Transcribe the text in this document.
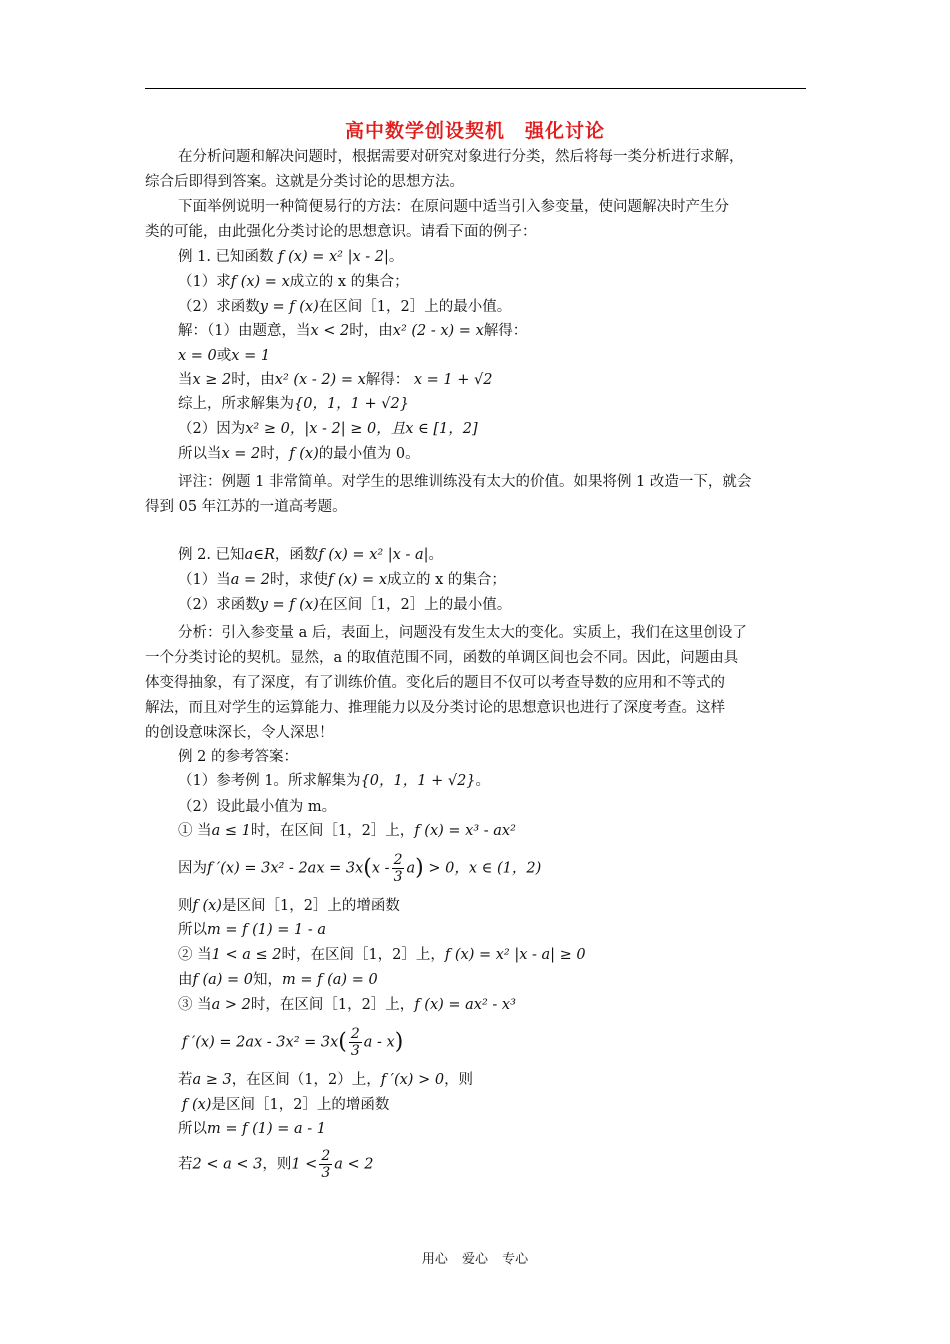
高中数学创设契机　强化讨论
在分析问题和解决问题时，根据需要对研究对象进行分类，然后将每一类分析进行求解，
综合后即得到答案。这就是分类讨论的思想方法。
下面举例说明一种简便易行的方法：在原问题中适当引入参变量，使问题解决时产生分
类的可能，由此强化分类讨论的思想意识。请看下面的例子：
例 1. 已知函数 f (x) = x² |x - 2|。
（1）求f (x) = x成立的 x 的集合；
（2）求函数y = f (x)在区间［1，2］上的最小值。
解：（1）由题意，当x < 2时，由x² (2 - x) = x解得：
x = 0或x = 1
当x ≥ 2时，由x² (x - 2) = x解得： x = 1 + √2
综上，所求解集为{0，1，1 + √2}
（2）因为x² ≥ 0，|x - 2| ≥ 0，且x ∈ [1，2]
所以当x = 2时，f (x)的最小值为 0。
评注：例题 1 非常简单。对学生的思维训练没有太大的价值。如果将例 1 改造一下，就会
得到 05 年江苏的一道高考题。
例 2. 已知a∈R，函数f (x) = x² |x - a|。
（1）当a = 2时，求使f (x) = x成立的 x 的集合；
（2）求函数y = f (x)在区间［1，2］上的最小值。
分析：引入参变量 a 后，表面上，问题没有发生太大的变化。实质上，我们在这里创设了
一个分类讨论的契机。显然，a 的取值范围不同，函数的单调区间也会不同。因此，问题由具
体变得抽象，有了深度，有了训练价值。变化后的题目不仅可以考查导数的应用和不等式的
解法，而且对学生的运算能力、推理能力以及分类讨论的思想意识也进行了深度考查。这样
的创设意味深长，令人深思！
例 2 的参考答案：
（1）参考例 1。所求解集为{0，1，1 + √2}。
（2）设此最小值为 m。
① 当a ≤ 1时，在区间［1，2］上，f (x) = x³ - ax²
因为f $'(x) = 3x^2 - 2ax = 3x(x - \frac{2}{3} a) > 0$，x ∈ (1，2)
则f (x)是区间［1，2］上的增函数
所以m = f (1) = 1 - a
② 当1 < a ≤ 2时，在区间［1，2］上，f (x) = x² |x - a| ≥ 0
由f (a) = 0知，m = f (a) = 0
③ 当a > 2时，在区间［1，2］上，f (x) = ax² - x³
f $'(x) = 2ax - 3x^2 = 3x( \frac{2}{3}$ a - x)
若a ≥ 3，在区间（1，2）上，f ′(x) > 0，则
f (x)是区间［1，2］上的增函数
所以m = f (1) = a - 1
若2 < a < 3，则$1 < \frac{2}{3}$ a < 2
用心 爱心 专心
